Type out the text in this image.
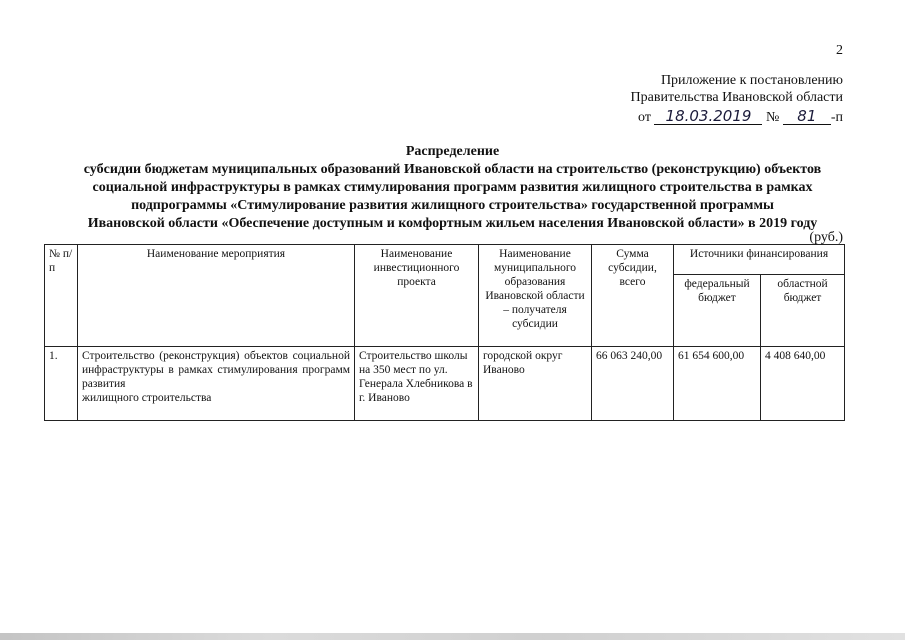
2
Приложение к постановлению
Правительства Ивановской области
от 18.03.2019 № 81 -п
Распределение
субсидии бюджетам муниципальных образований Ивановской области на строительство (реконструкцию) объектов
социальной инфраструктуры в рамках стимулирования программ развития жилищного строительства в рамках
подпрограммы «Стимулирование развития жилищного строительства» государственной программы
Ивановской области «Обеспечение доступным и комфортным жильем населения Ивановской области» в 2019 году
(руб.)
№ п/п	Наименование мероприятия	Наименование инвестиционного проекта	Наименование муниципального образования Ивановской области – получателя субсидии	Сумма субсидии, всего	Источники финансирования	
					федеральный бюджет	областной бюджет
1.	Строительство (реконструкция) объектов социальной инфраструктуры в рамках стимулирования программ развития
жилищного строительства	Строительство школы на 350 мест по ул. Генерала Хлебникова в г. Иваново	городской округ Иваново	66 063 240,00	61 654 600,00	4 408 640,00
